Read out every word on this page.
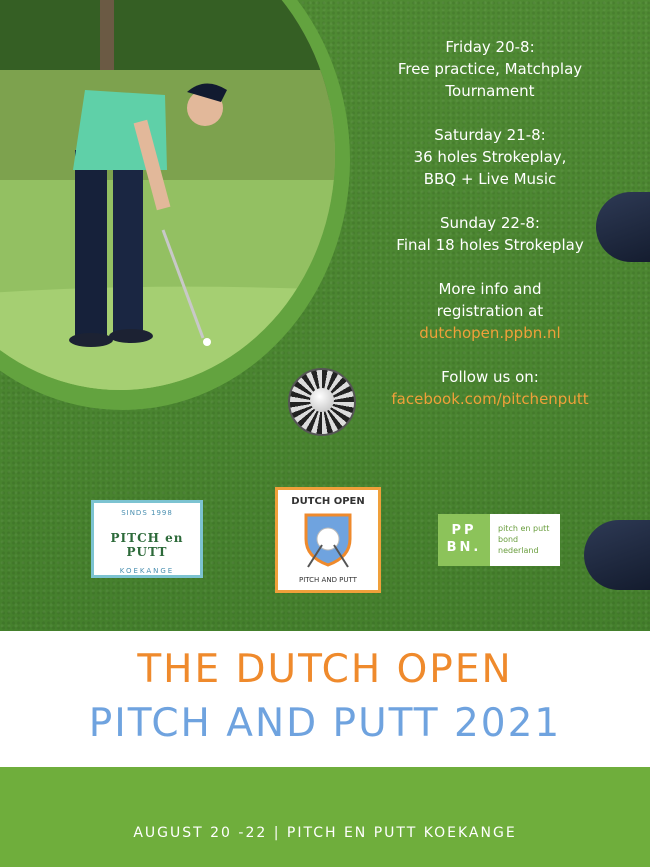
Friday 20-8:
Free practice, Matchplay
Tournament

Saturday 21-8:
36 holes Strokeplay,
BBQ + Live Music

Sunday 22-8:
Final 18 holes Strokeplay

More info and
registration at
dutchopen.ppbn.nl

Follow us on:
facebook.com/pitchenputt

SINDS 1998
PITCH en PUTT
KOEKANGE
DUTCH OPEN
PITCH AND PUTT
PP
BN.
pitch en putt
bond
nederland
THE DUTCH OPEN
PITCH AND PUTT 2021
AUGUST 20 -22 | PITCH EN PUTT KOEKANGE
